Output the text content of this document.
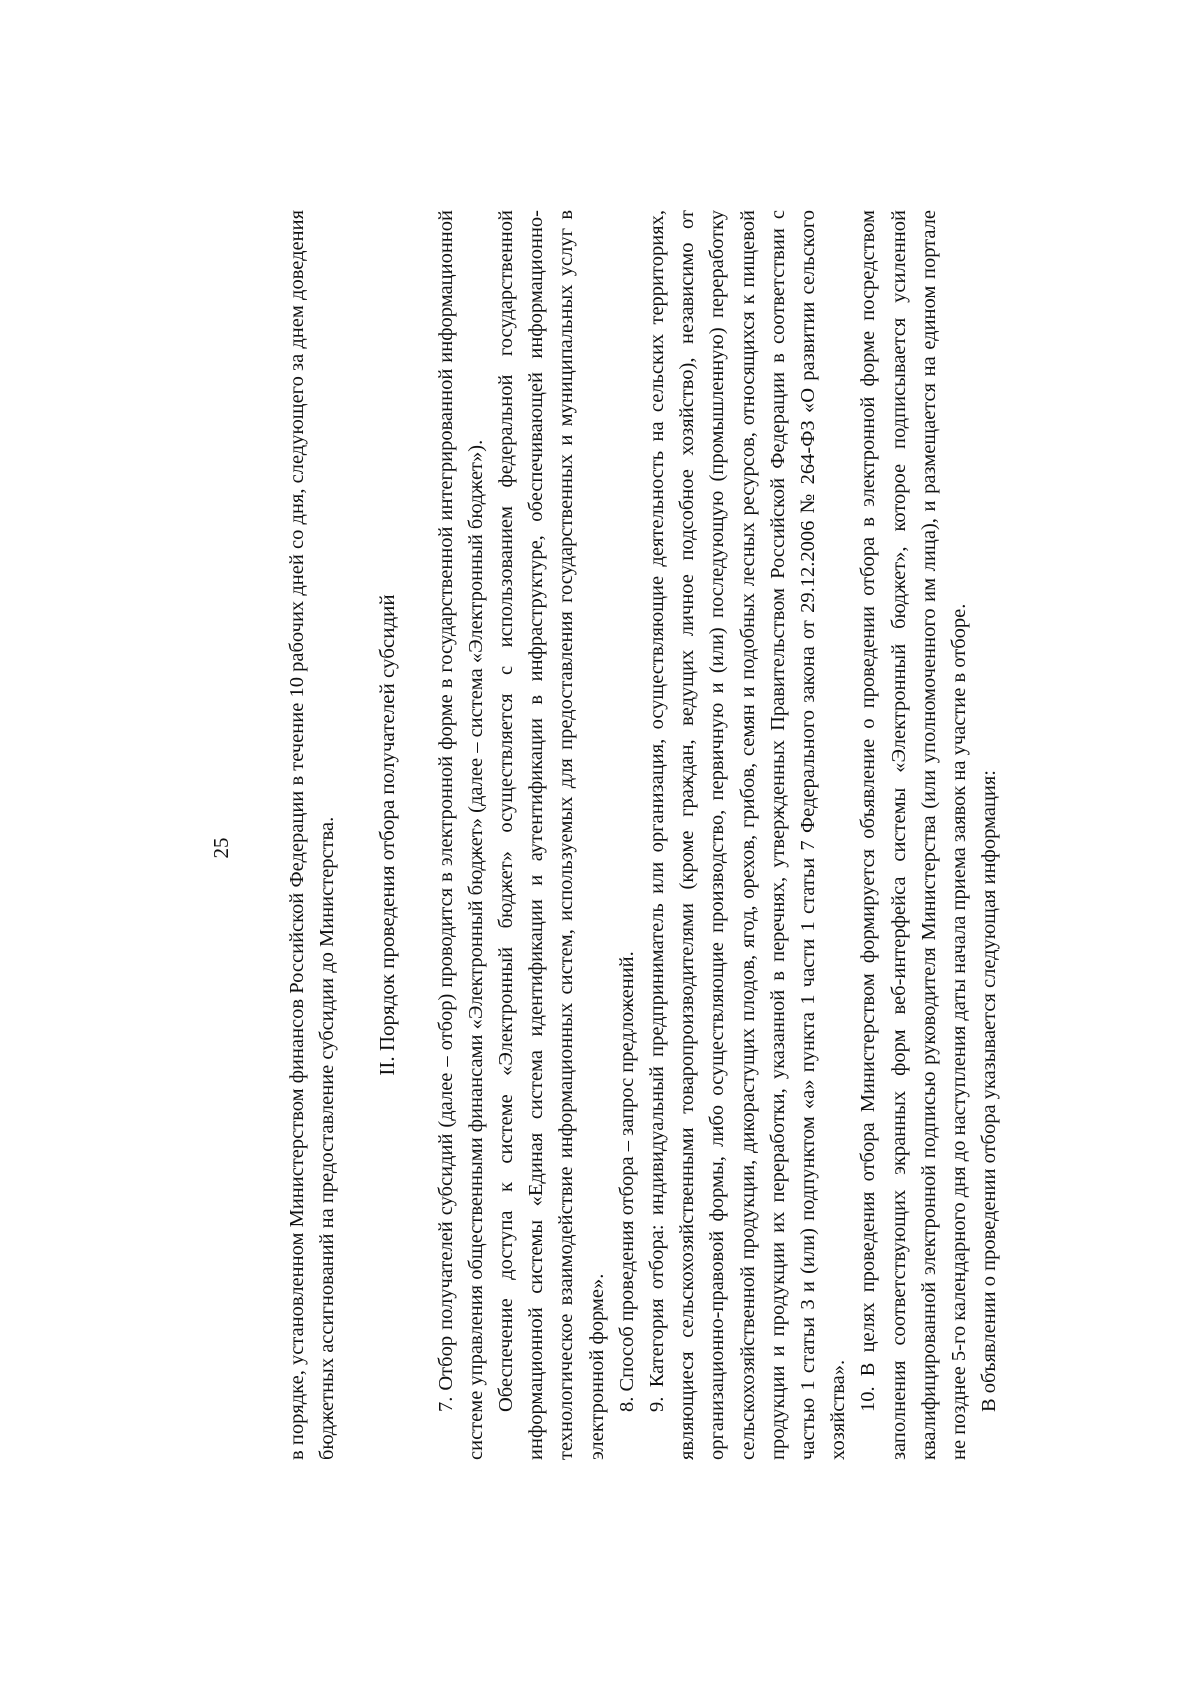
25	в порядке, установленном Министерством финансов Российской Федерации в течение 10 рабочих дней со дня, следующего за днем доведения бюджетных ассигнований на предоставление субсидии до Министерства. II. Порядок проведения отбора получателей субсидий 7. Отбор получателей субсидий (далее – отбор) проводится в электронной форме в государственной интегрированной информационной системе управления общественными финансами «Электронный бюджет» (далее – система «Электронный бюджет»). Обеспечение доступа к системе «Электронный бюджет» осуществляется с использованием федеральной государственной информационной системы «Единая система идентификации и аутентификации в инфраструктуре, обеспечивающей информационно-технологическое взаимодействие информационных систем, используемых для предоставления государственных и муниципальных услуг в электронной форме». 8. Способ проведения отбора – запрос предложений. 9. Категория отбора: индивидуальный предприниматель или организация, осуществляющие деятельность на сельских территориях, являющиеся сельскохозяйственными товаропроизводителями (кроме граждан, ведущих личное подсобное хозяйство), независимо от организационно-правовой формы, либо осуществляющие производство, первичную и (или) последующую (промышленную) переработку сельскохозяйственной продукции, дикорастущих плодов, ягод, орехов, грибов, семян и подобных лесных ресурсов, относящихся к пищевой продукции и продукции их переработки, указанной в перечнях, утвержденных Правительством Российской Федерации в соответствии с частью 1 статьи 3 и (или) подпунктом «а» пункта 1 части 1 статьи 7 Федерального закона от 29.12.2006 № 264-ФЗ «О развитии сельского хозяйства». 10. В целях проведения отбора Министерством формируется объявление о проведении отбора в электронной форме посредством заполнения соответствующих экранных форм веб-интерфейса системы «Электронный бюджет», которое подписывается усиленной квалифицированной электронной подписью руководителя Министерства (или уполномоченного им лица), и размещается на едином портале не позднее 5-го календарного дня до наступления даты начала приема заявок на участие в отборе. В объявлении о проведении отбора указывается следующая информация:
